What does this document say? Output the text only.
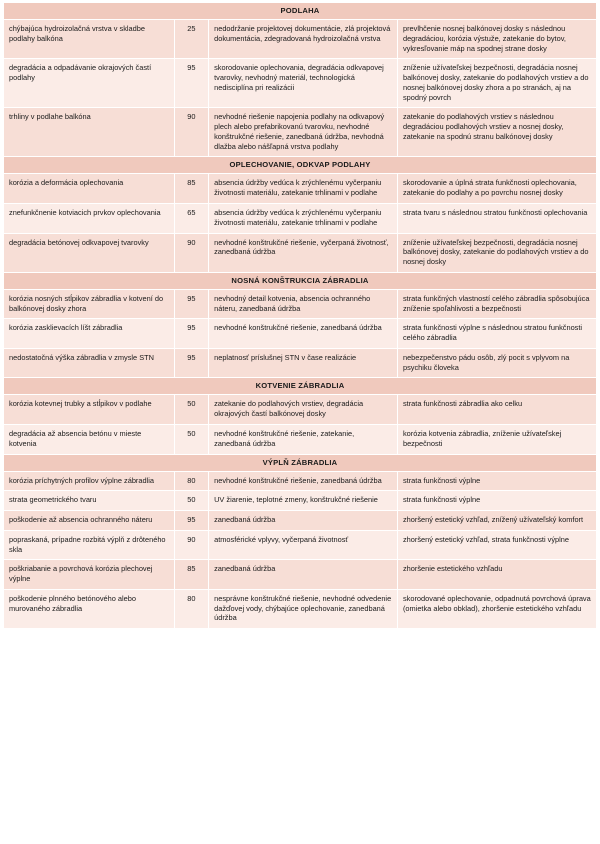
PODLAHA			
chýbajúca hydroizolačná vrstva v skladbe podlahy balkóna	25	nedodržanie projektovej dokumentácie, zlá projektová dokumentácia, zdegradovaná hydroizolačná vrstva	prevlhčenie nosnej balkónovej dosky s následnou degradáciou, korózia výstuže, zatekanie do bytov, vykresľovanie máp na spodnej strane dosky
degradácia a odpadávanie okrajových častí podlahy	95	skorodovanie oplechovania, degradácia odkvapovej tvarovky, nevhodný materiál, technologická nedisciplína pri realizácii	zníženie užívateľskej bezpečnosti, degradácia nosnej balkónovej dosky, zatekanie do podlahových vrstiev a do nosnej balkónovej dosky zhora a po stranách, aj na spodný povrch
trhliny v podlahe balkóna	90	nevhodné riešenie napojenia podlahy na odkvapový plech alebo prefabrikovanú tvarovku, nevhodné konštrukčné riešenie, zanedbaná údržba, nevhodná dlažba alebo nášľapná vrstva podlahy	zatekanie do podlahových vrstiev s následnou degradáciou podlahových vrstiev a nosnej dosky, zatekanie na spodnú stranu balkónovej dosky
OPLECHOVANIE, ODKVAP PODLAHY			
korózia a deformácia oplechovania	85	absencia údržby vedúca k zrýchlenému vyčerpaniu životnosti materiálu, zatekanie trhlinami v podlahe	skorodovanie a úplná strata funkčnosti oplechovania, zatekanie do podlahy a po povrchu nosnej dosky
znefunkčnenie kotviacich prvkov oplechovania	65	absencia údržby vedúca k zrýchlenému vyčerpaniu životnosti materiálu, zatekanie trhlinami v podlahe	strata tvaru s následnou stratou funkčnosti oplechovania
degradácia betónovej odkvapovej tvarovky	90	nevhodné konštrukčné riešenie, vyčerpaná životnosť, zanedbaná údržba	zníženie užívateľskej bezpečnosti, degradácia nosnej balkónovej dosky, zatekanie do podlahových vrstiev a do nosnej dosky
NOSNÁ KONŠTRUKCIA ZÁBRADLIA			
korózia nosných stĺpikov zábradlia v kotvení do balkónovej dosky zhora	95	nevhodný detail kotvenia, absencia ochranného náteru, zanedbaná údržba	strata funkčných vlastností celého zábradlia spôsobujúca zníženie spoľahlivosti a bezpečnosti
korózia zasklievacích líšt zábradlia	95	nevhodné konštrukčné riešenie, zanedbaná údržba	strata funkčnosti výplne s následnou stratou funkčnosti celého zábradlia
nedostatočná výška zábradlia v zmysle STN	95	neplatnosť príslušnej STN v čase realizácie	nebezpečenstvo pádu osôb, zlý pocit s vplyvom na psychiku človeka
KOTVENIE ZÁBRADLIA			
korózia kotevnej trubky a stĺpikov v podlahe	50	zatekanie do podlahových vrstiev, degradácia okrajových častí balkónovej dosky	strata funkčnosti zábradlia ako celku
degradácia až absencia betónu v mieste kotvenia	50	nevhodné konštrukčné riešenie, zatekanie, zanedbaná údržba	korózia kotvenia zábradlia, zníženie užívateľskej bezpečnosti
VÝPLŇ ZÁBRADLIA			
korózia príchytných profilov výplne zábradlia	80	nevhodné konštrukčné riešenie, zanedbaná údržba	strata funkčnosti výplne
strata geometrického tvaru	50	UV žiarenie, teplotné zmeny, konštrukčné riešenie	strata funkčnosti výplne
poškodenie až absencia ochranného náteru	95	zanedbaná údržba	zhoršený estetický vzhľad, znížený užívateľský komfort
popraskaná, prípadne rozbitá výplň z drôteného skla	90	atmosférické vplyvy, vyčerpaná životnosť	zhoršený estetický vzhľad, strata funkčnosti výplne
poškriabanie a povrchová korózia plechovej výplne	85	zanedbaná údržba	zhoršenie estetického vzhľadu
poškodenie plnného betónového alebo murovaného zábradlia	80	nesprávne konštrukčné riešenie, nevhodné odvedenie dažďovej vody, chýbajúce oplechovanie, zanedbaná údržba	skorodované oplechovanie, odpadnutá povrchová úprava (omietka alebo obklad), zhoršenie estetického vzhľadu
